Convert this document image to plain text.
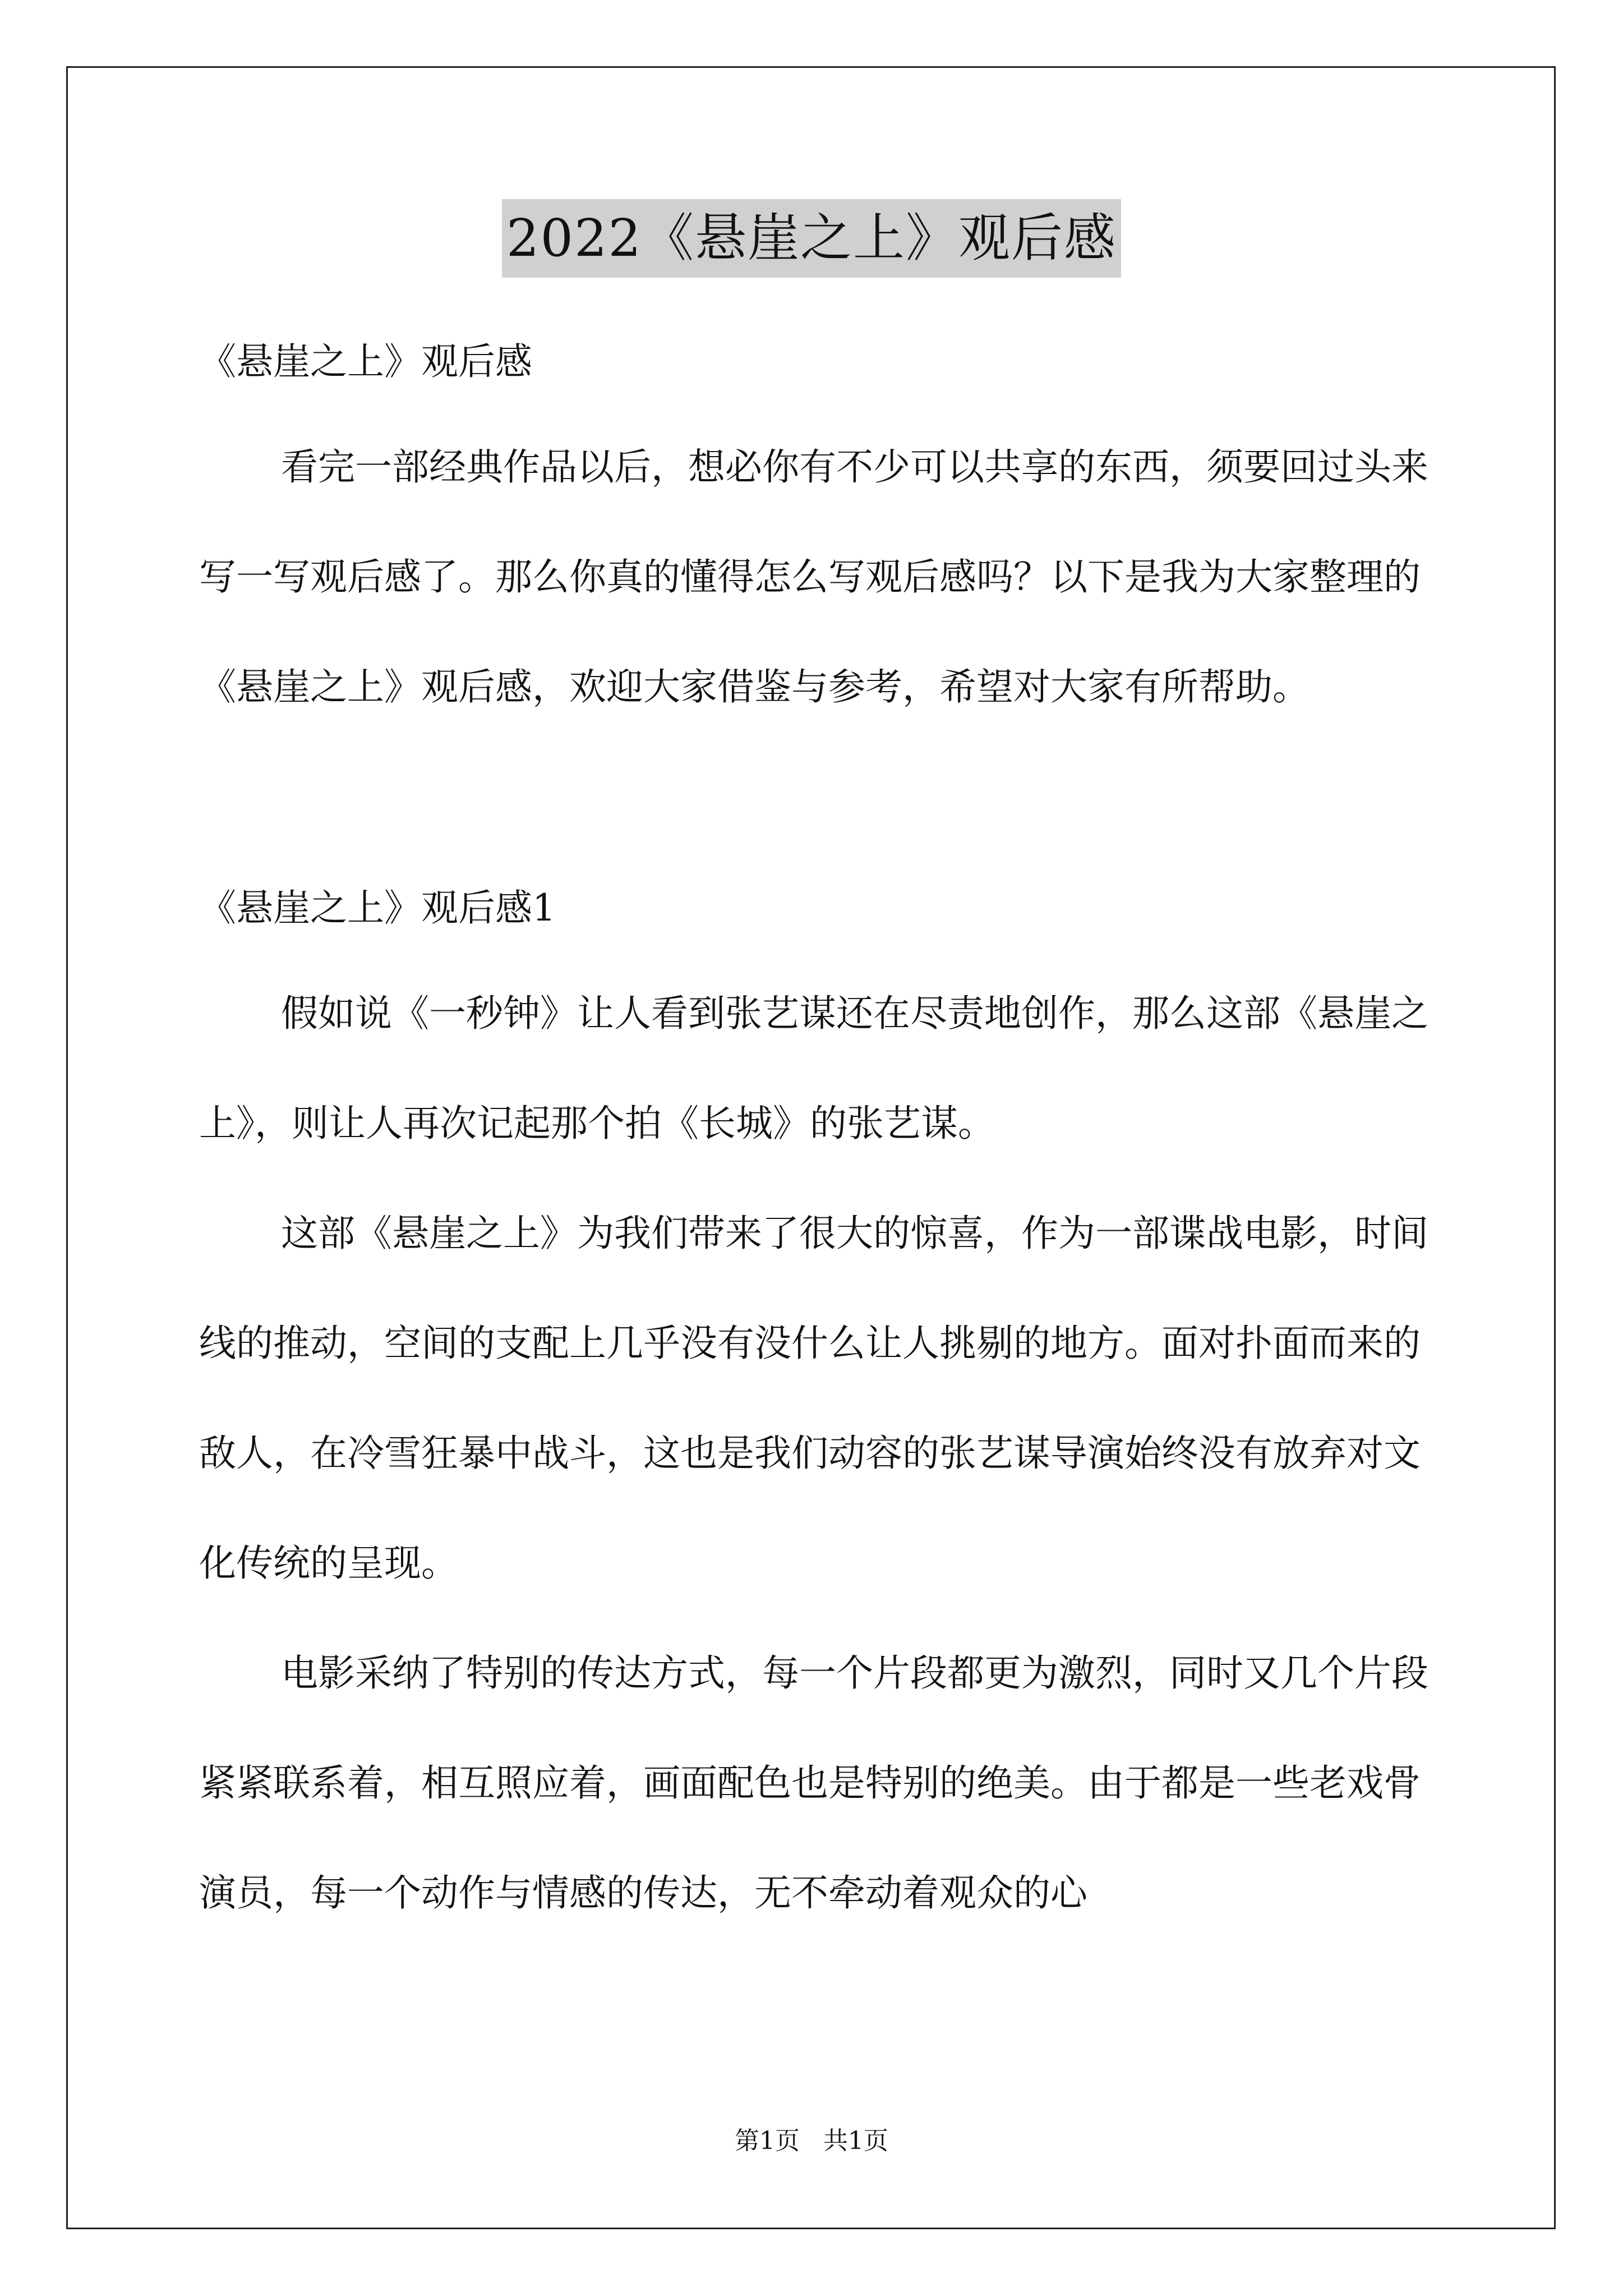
2022《悬崖之上》观后感
《悬崖之上》观后感

看完一部经典作品以后，想必你有不少可以共享的东西，须要回过头来写一写观后感了。那么你真的懂得怎么写观后感吗？以下是我为大家整理的《悬崖之上》观后感，欢迎大家借鉴与参考，希望对大家有所帮助。

《悬崖之上》观后感1

假如说《一秒钟》让人看到张艺谋还在尽责地创作，那么这部《悬崖之上》，则让人再次记起那个拍《长城》的张艺谋。

这部《悬崖之上》为我们带来了很大的惊喜，作为一部谍战电影，时间线的推动，空间的支配上几乎没有没什么让人挑剔的地方。面对扑面而来的敌人，在冷雪狂暴中战斗，这也是我们动容的张艺谋导演始终没有放弃对文化传统的呈现。

电影采纳了特别的传达方式，每一个片段都更为激烈，同时又几个片段紧紧联系着，相互照应着，画面配色也是特别的绝美。由于都是一些老戏骨演员，每一个动作与情感的传达，无不牵动着观众的心

第1页   共1页
